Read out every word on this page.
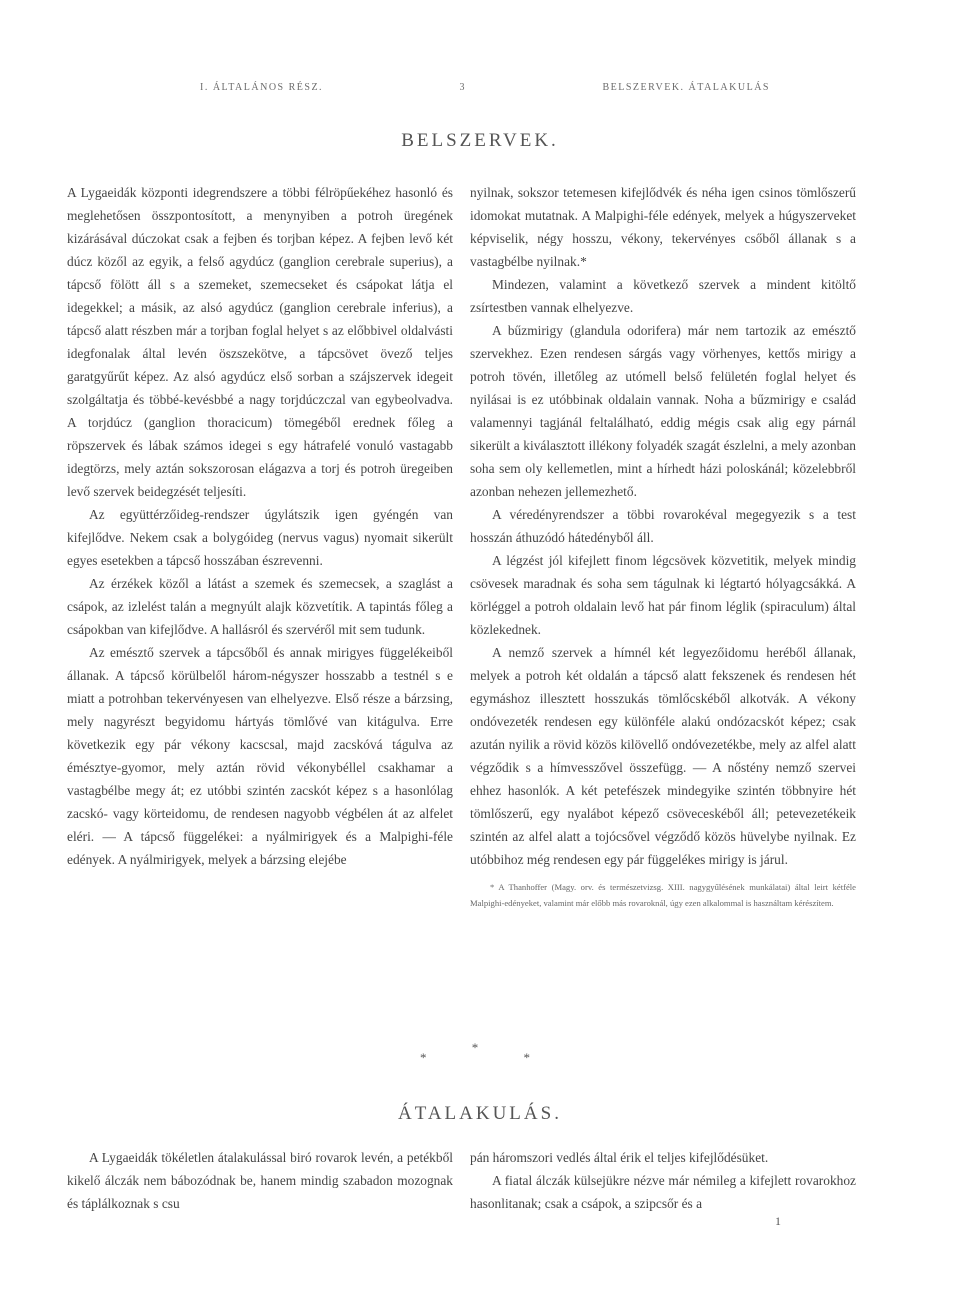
I. ÁLTALÁNOS RÉSZ.	3	BELSZERVEK. ÁTALAKULÁS
BELSZERVEK.

A Lygaeidák központi idegrendszere a többi félröpűekéhez hasonló és meglehetősen összpontosított, a menynyiben a potroh üregének kizárásával dúczokat csak a fejben és torjban képez. A fejben levő két dúcz közől az egyik, a felső agydúcz (ganglion cerebrale superius), a tápcső fölött áll s a szemeket, szemecseket és csápokat látja el idegekkel; a másik, az alsó agydúcz (ganglion cerebrale inferius), a tápcső alatt részben már a torjban foglal helyet s az előbbivel oldalvásti idegfonalak által levén öszszekötve, a tápcsövet övező teljes garatgyűrűt képez. Az alsó agydúcz első sorban a szájszervek idegeit szolgáltatja és többé-kevésbbé a nagy torjdúczczal van egybeolvadva. A torjdúcz (ganglion thoracicum) tömegéből erednek főleg a röpszervek és lábak számos idegei s egy hátrafelé vonuló vastagabb idegtörzs, mely aztán sokszorosan elágazva a torj és potroh üregeiben levő szervek beidegzését teljesíti.

Az együttérzőideg-rendszer úgylátszik igen gyéngén van kifejlődve. Nekem csak a bolygóideg (nervus vagus) nyomait sikerült egyes esetekben a tápcső hosszában észrevenni.

Az érzékek közől a látást a szemek és szemecsek, a szaglást a csápok, az izlelést talán a megnyúlt alajk közvetítik. A tapintás főleg a csápokban van kifejlődve. A hallásról és szervéről mit sem tudunk.

Az emésztő szervek a tápcsőből és annak mirigyes függelékeiből állanak. A tápcső körülbelől három-négyszer hosszabb a testnél s e miatt a potrohban tekervényesen van elhelyezve. Első része a bárzsing, mely nagyrészt begyidomu hártyás tömlővé van kitágulva. Erre következik egy pár vékony kacscsal, majd zacskóvá tágulva az émésztye-gyomor, mely aztán rövid vékonybéllel csakhamar a vastagbélbe megy át; ez utóbbi szintén zacskót képez s a hasonlólag zacskó- vagy körteidomu, de rendesen nagyobb végbélen át az alfelet eléri. — A tápcső függelékei: a nyálmirigyek és a Malpighi-féle edények. A nyálmirigyek, melyek a bárzsing elejébe

nyilnak, sokszor tetemesen kifejlődvék és néha igen csinos tömlőszerű idomokat mutatnak. A Malpighi-féle edények, melyek a húgyszerveket képviselik, négy hosszu, vékony, tekervényes csőből állanak s a vastagbélbe nyilnak.*

Mindezen, valamint a következő szervek a mindent kitöltő zsírtestben vannak elhelyezve.

A bűzmirigy (glandula odorifera) már nem tartozik az emésztő szervekhez. Ezen rendesen sárgás vagy vörhenyes, kettős mirigy a potroh tövén, illetőleg az utómell belső felületén foglal helyet és nyilásai is ez utóbbinak oldalain vannak. Noha a bűzmirigy e család valamennyi tagjánál feltalálható, eddig mégis csak alig egy párnál sikerült a kiválasztott illékony folyadék szagát észlelni, a mely azonban soha sem oly kellemetlen, mint a hírhedt házi poloskánál; közelebbről azonban nehezen jellemezhető.

A véredényrendszer a többi rovarokéval megegyezik s a test hosszán áthuzódó hátedényből áll.

A légzést jól kifejlett finom légcsövek közvetitik, melyek mindig csövesek maradnak és soha sem tágulnak ki légtartó hólyagcsákká. A körléggel a potroh oldalain levő hat pár finom léglik (spiraculum) által közlekednek.

A nemző szervek a hímnél két legyezőidomu heréből állanak, melyek a potroh két oldalán a tápcső alatt fekszenek és rendesen hét egymáshoz illesztett hosszukás tömlőcskéből alkotvák. A vékony ondóvezeték rendesen egy különféle alakú ondózacskót képez; csak azután nyilik a rövid közös kilövellő ondóvezetékbe, mely az alfel alatt végződik s a hímvesszővel összefügg. — A nőstény nemző szervei ehhez hasonlók. A két petefészek mindegyike szintén többnyire hét tömlőszerű, egy nyalábot képező csöveceskéből áll; petevezetékeik szintén az alfel alatt a tojócsővel végződő közös hüvelybe nyilnak. Ez utóbbihoz még rendesen egy pár függelékes mirigy is járul.

* A Thanhoffer (Magy. orv. és természetvizsg. XIII. nagygyűlésének munkálatai) által leirt kétféle Malpighi-edényeket, valamint már előbb más rovaroknál, úgy ezen alkalommal is használtam kérészítem.
*
*
*
ÁTALAKULÁS.

A Lygaeidák tökéletlen átalakulással biró rovarok levén, a petékből kikelő álczák nem bábozódnak be, hanem mindig szabadon mozognak és táplálkoznak s csu

pán háromszori vedlés által érik el teljes kifejlődésüket.

A fiatal álczák külsejükre nézve már némileg a kifejlett rovarokhoz hasonlitanak; csak a csápok, a szipcsőr és a

1
